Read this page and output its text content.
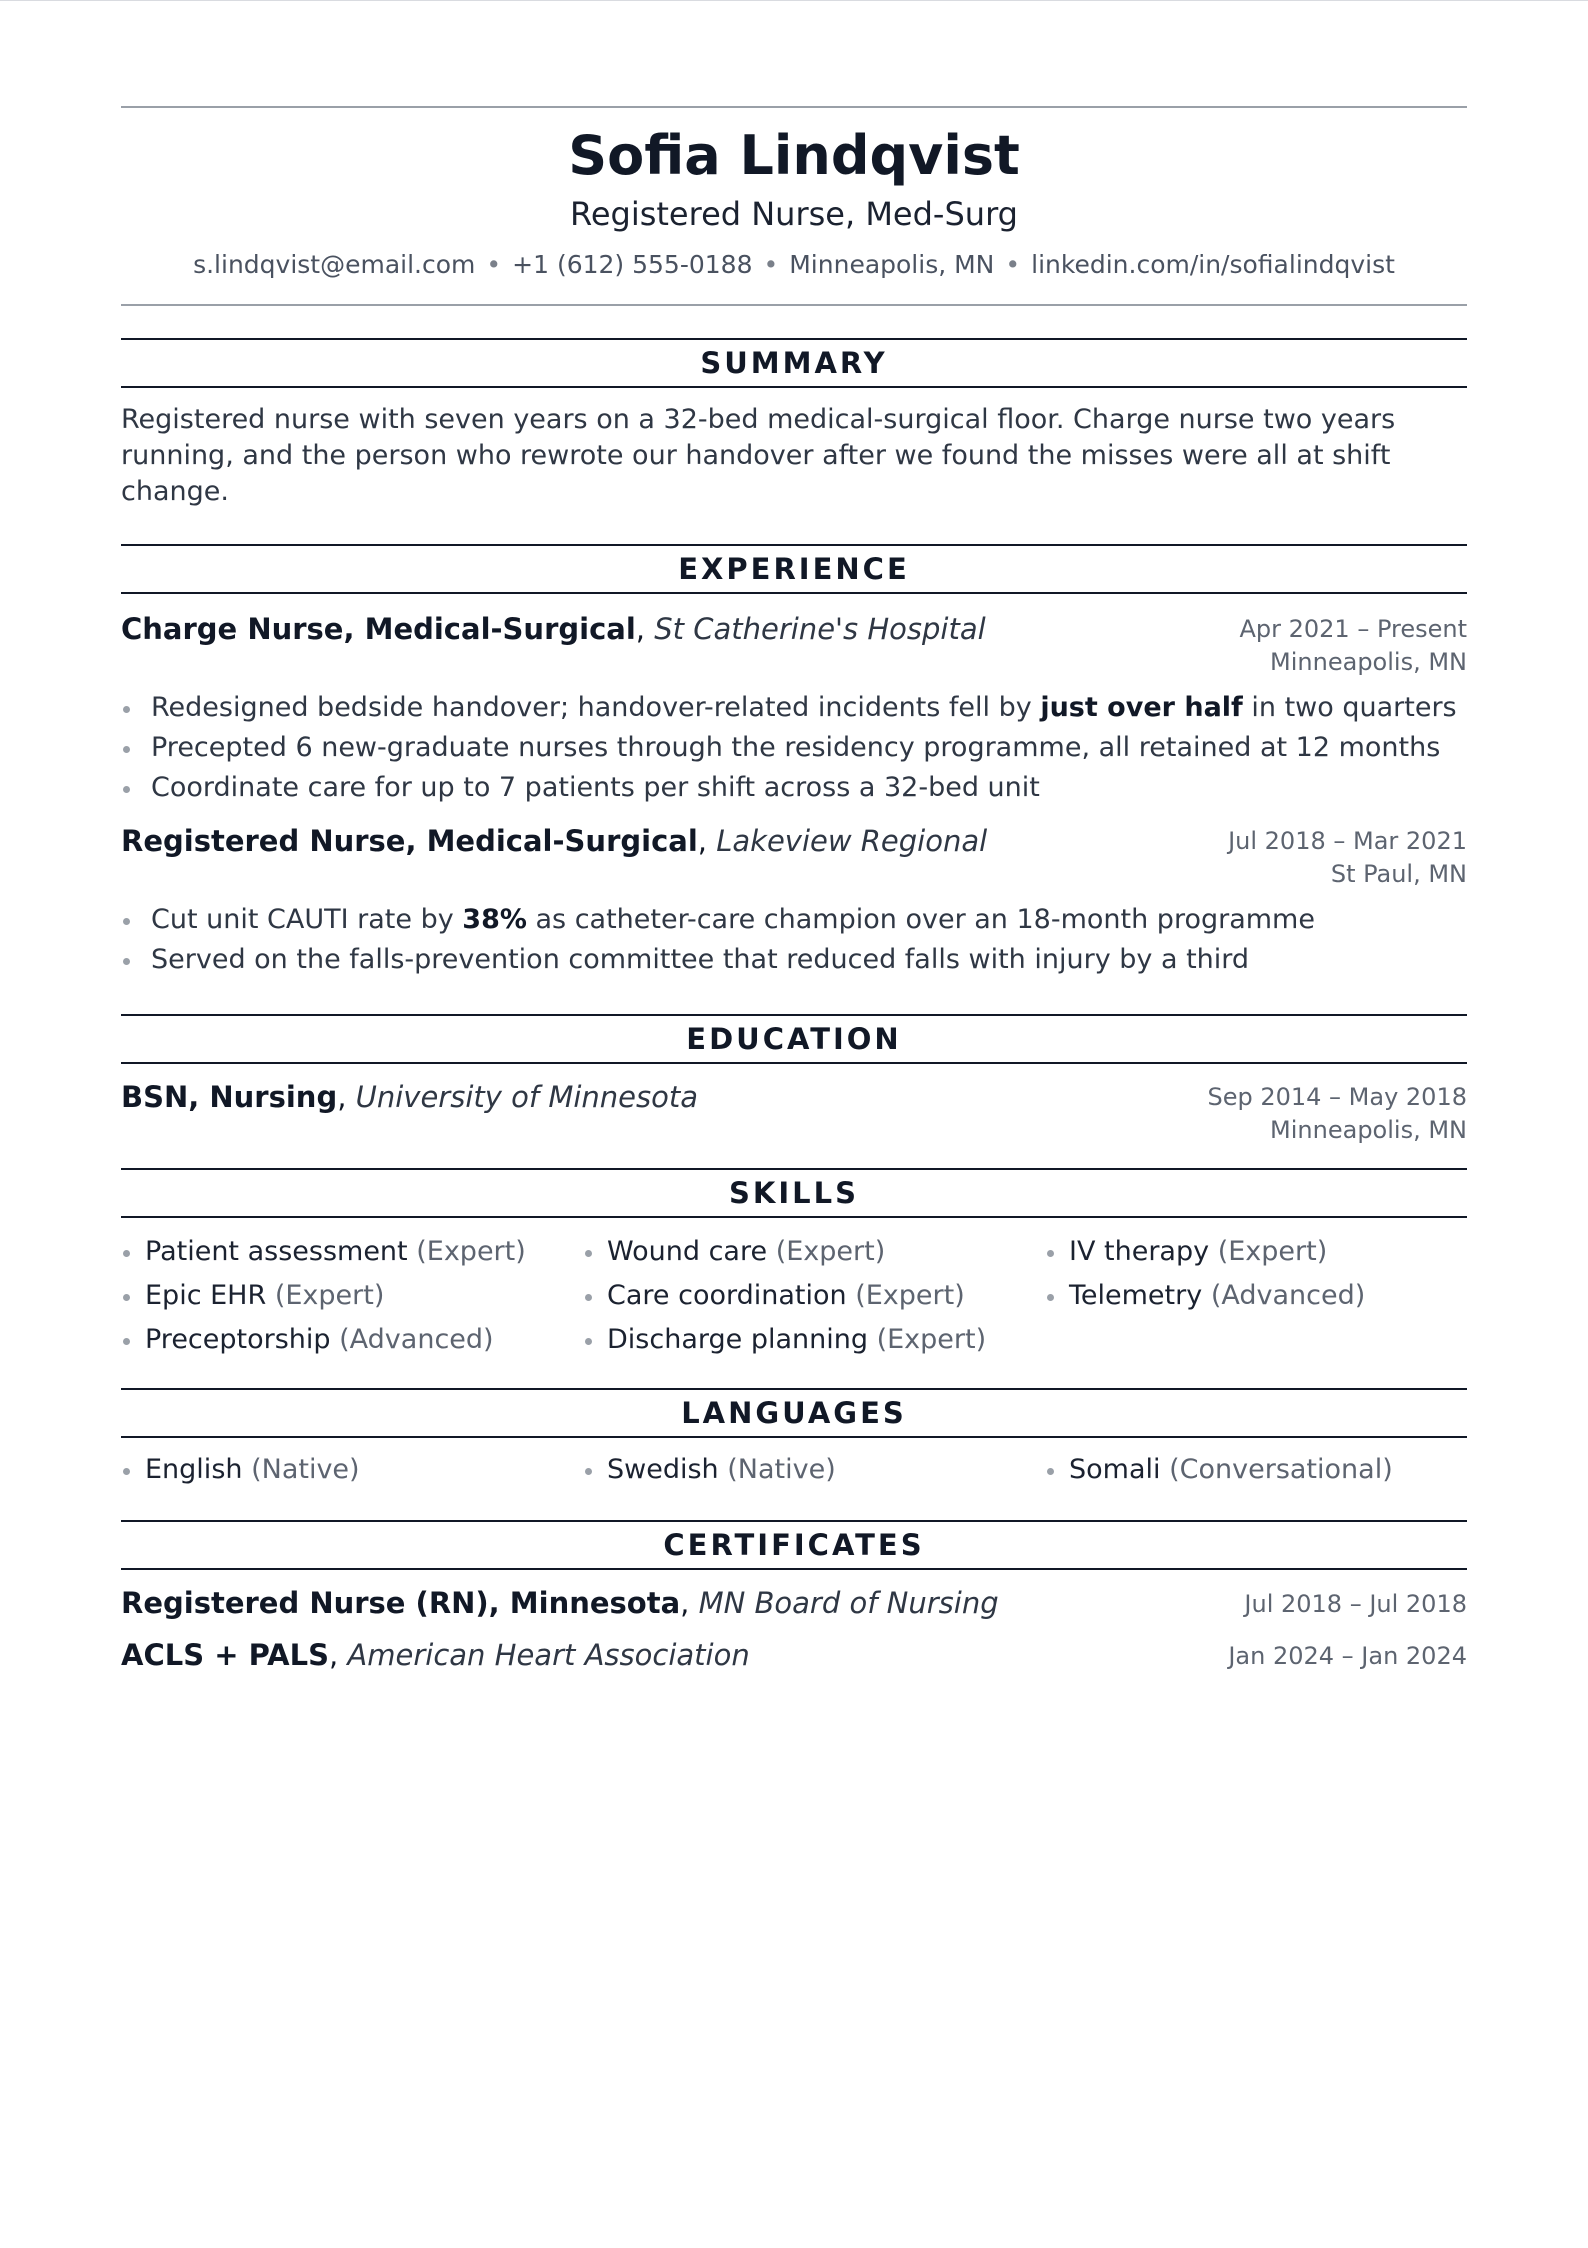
Sofia Lindqvist
Registered Nurse, Med-Surg
s.lindqvist@email.com • +1 (612) 555-0188 • Minneapolis, MN • linkedin.com/in/sofialindqvist
SUMMARY
Registered nurse with seven years on a 32-bed medical-surgical floor. Charge nurse two years running, and the person who rewrote our handover after we found the misses were all at shift change.
EXPERIENCE
Charge Nurse, Medical-Surgical, St Catherine's Hospital	Apr 2021 – Present
Minneapolis, MN
Redesigned bedside handover; handover-related incidents fell by just over half in two quarters
Precepted 6 new-graduate nurses through the residency programme, all retained at 12 months
Coordinate care for up to 7 patients per shift across a 32-bed unit
Registered Nurse, Medical-Surgical, Lakeview Regional	Jul 2018 – Mar 2021
St Paul, MN
Cut unit CAUTI rate by 38% as catheter-care champion over an 18-month programme
Served on the falls-prevention committee that reduced falls with injury by a third
EDUCATION
BSN, Nursing, University of Minnesota	Sep 2014 – May 2018
Minneapolis, MN
SKILLS
Patient assessment (Expert)	Wound care (Expert)	IV therapy (Expert)
Epic EHR (Expert)	Care coordination (Expert)	Telemetry (Advanced)
Preceptorship (Advanced)	Discharge planning (Expert)
LANGUAGES
English (Native)	Swedish (Native)	Somali (Conversational)
CERTIFICATES
Registered Nurse (RN), Minnesota, MN Board of Nursing	Jul 2018 – Jul 2018
ACLS + PALS, American Heart Association	Jan 2024 – Jan 2024
